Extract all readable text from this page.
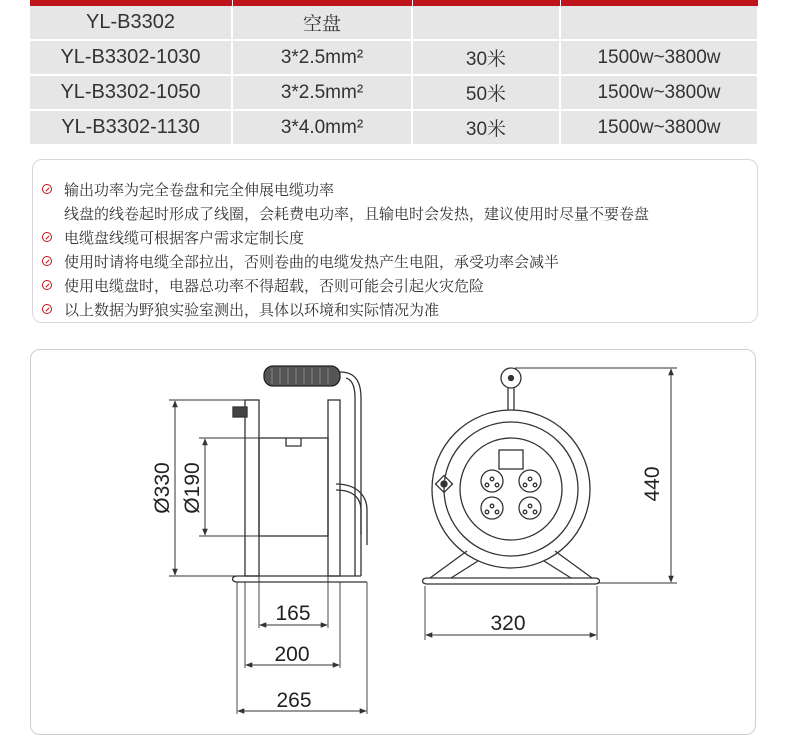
YL-B3302	空盘		
YL-B3302-1030	3*2.5mm²	30米	1500w~3800w
YL-B3302-1050	3*2.5mm²	50米	1500w~3800w
YL-B3302-1130	3*4.0mm²	30米	1500w~3800w
输出功率为完全卷盘和完全伸展电缆功率
线盘的线卷起时形成了线圈，会耗费电功率，且输电时会发热，建议使用时尽量不要卷盘
电缆盘线缆可根据客户需求定制长度
使用时请将电缆全部拉出，否则卷曲的电缆发热产生电阻，承受功率会减半
使用电缆盘时，电器总功率不得超载，否则可能会引起火灾危险
以上数据为野狼实验室测出，具体以环境和实际情况为准
Ø330 Ø190
165
200
265
440
320
